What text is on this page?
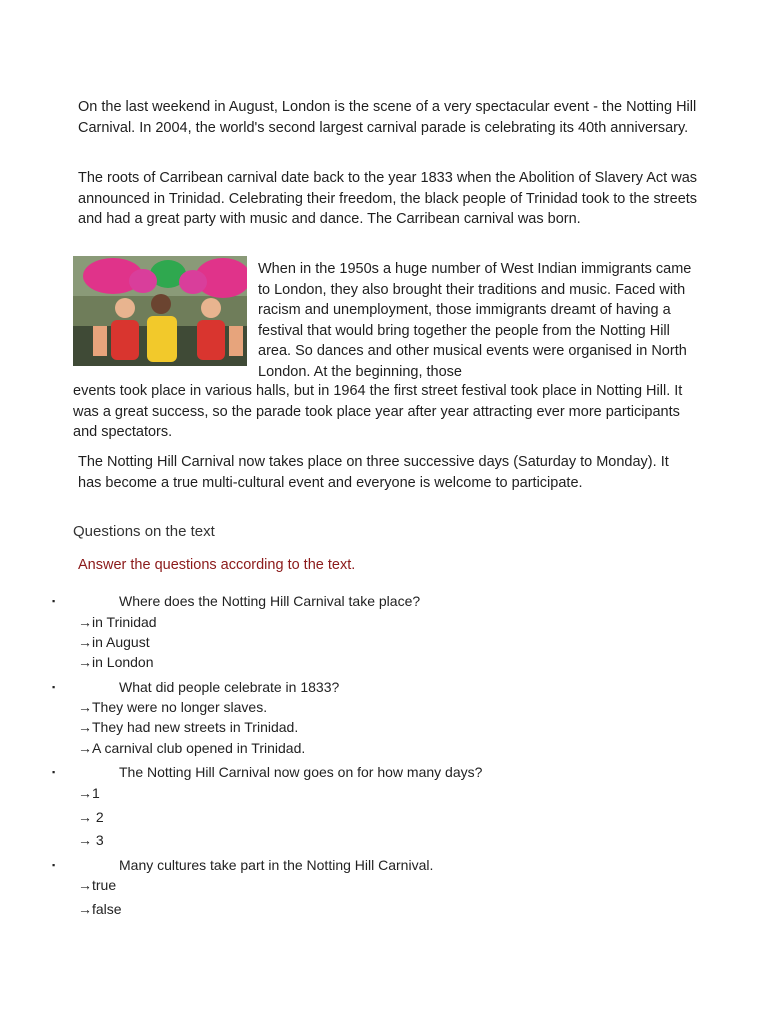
On the last weekend in August, London is the scene of a very spectacular event - the Notting Hill Carnival. In 2004, the world's second largest carnival parade is celebrating its 40th anniversary.

The roots of Carribean carnival date back to the year 1833 when the Abolition of Slavery Act was announced in Trinidad. Celebrating their freedom, the black people of Trinidad took to the streets and had a great party with music and dance. The Carribean carnival was born.

When in the 1950s a huge number of West Indian immigrants came to London, they also brought their traditions and music. Faced with racism and unemployment, those immigrants dreamt of having a festival that would bring together the people from the Notting Hill area. So dances and other musical events were organised in North London. At the beginning, those

events took place in various halls, but in 1964 the first street festival took place in Notting Hill. It was a great success, so the parade took place year after year attracting ever more participants and spectators.

The Notting Hill Carnival now takes place on three successive days (Saturday to Monday). It has become a true multi-cultural event and everyone is welcome to participate.

Questions on the text
Answer the questions according to the text.
▪	Where does the Notting Hill Carnival take place?
→in Trinidad
→in August
→in London
▪	What did people celebrate in 1833?
→They were no longer slaves.
→They had new streets in Trinidad.
→A carnival club opened in Trinidad.
▪	The Notting Hill Carnival now goes on for how many days?
→1
→ 2
→ 3
▪	Many cultures take part in the Notting Hill Carnival.
→true
→false
